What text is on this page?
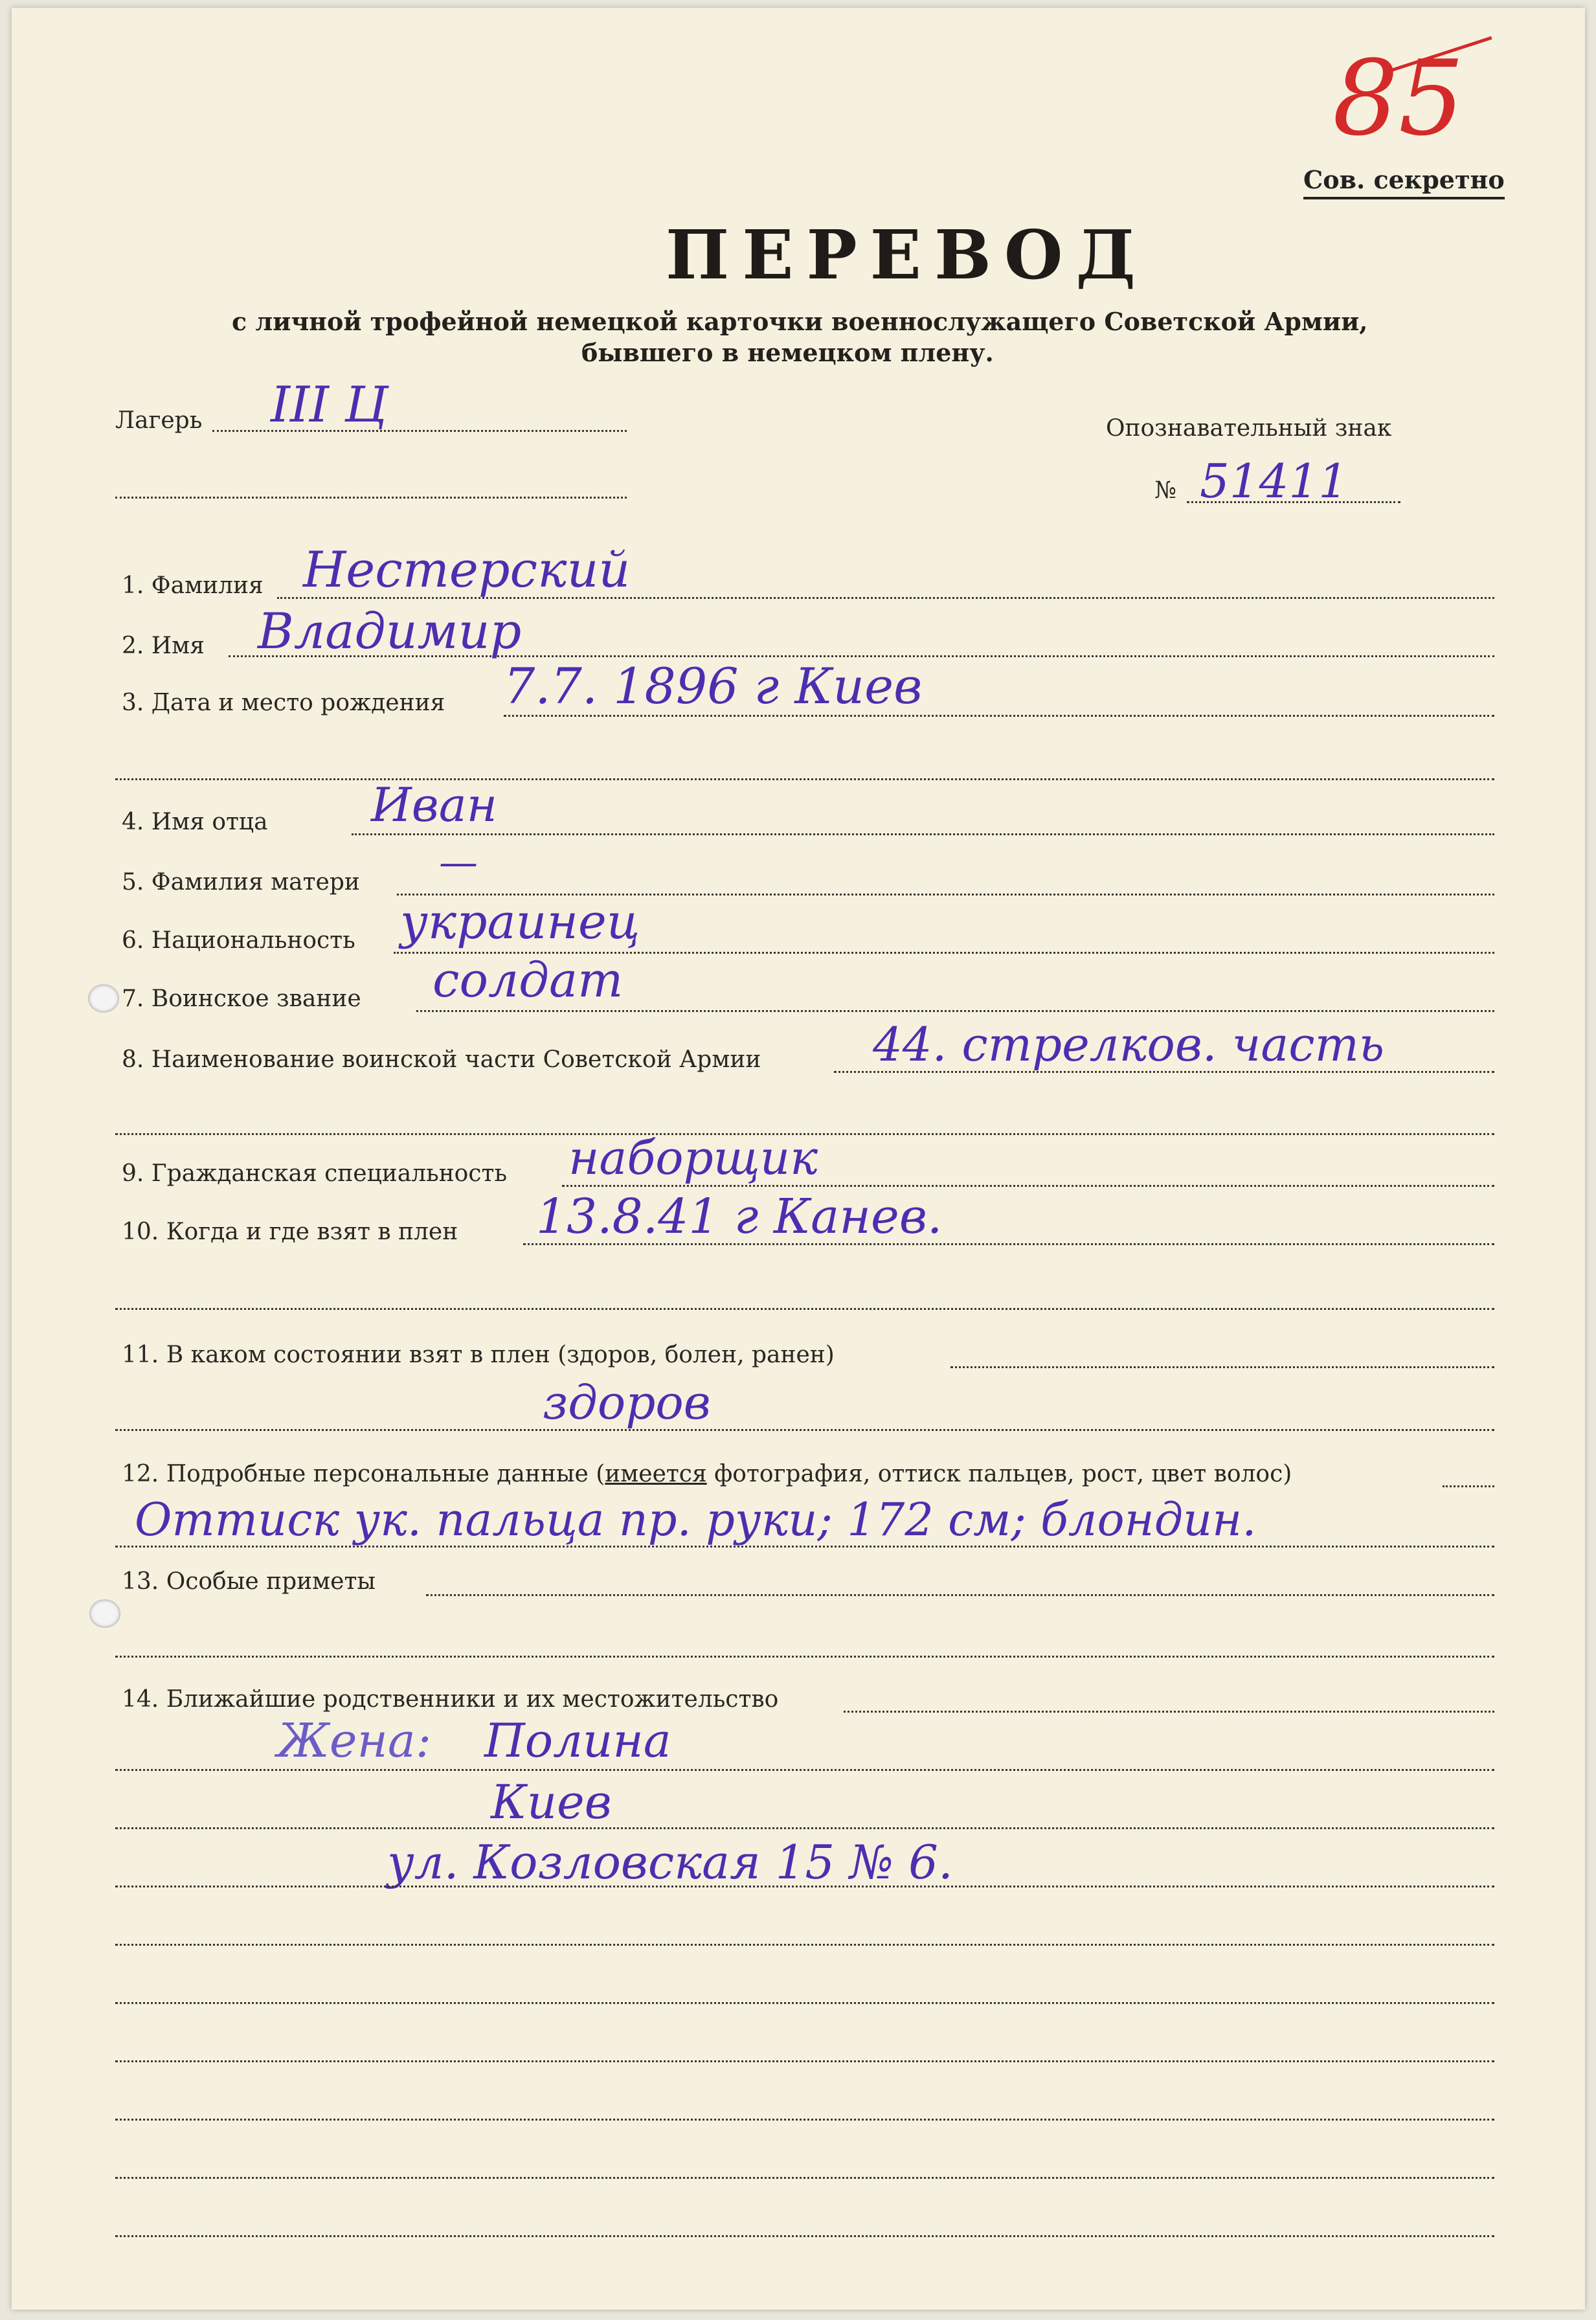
85
Сов. секретно
ПЕРЕВОД
с личной трофейной немецкой карточки военнослужащего Советской Армии,
бывшего в немецком плену.
Лагерь III Ц	Опознавательный знак
№ 51411
1. Фамилия Нестерский
2. Имя Владимир
3. Дата и место рождения 7.7. 1896 г Киев
4. Имя отца Иван
5. Фамилия матери —
6. Национальность украинец
7. Воинское звание солдат
8. Наименование воинской части Советской Армии 44. стрелков. часть
9. Гражданская специальность наборщик
10. Когда и где взят в плен 13.8.41 г Канев.
11. В каком состоянии взят в плен (здоров, болен, ранен)
здоров
12. Подробные персональные данные (имеется фотография, оттиск пальцев, рост, цвет волос)
Оттиск ук. пальца пр. руки; 172 см; блондин.
13. Особые приметы
14. Ближайшие родственники и их местожительство
Жена: Полина
Киев
ул. Козловская 15 № 6.
